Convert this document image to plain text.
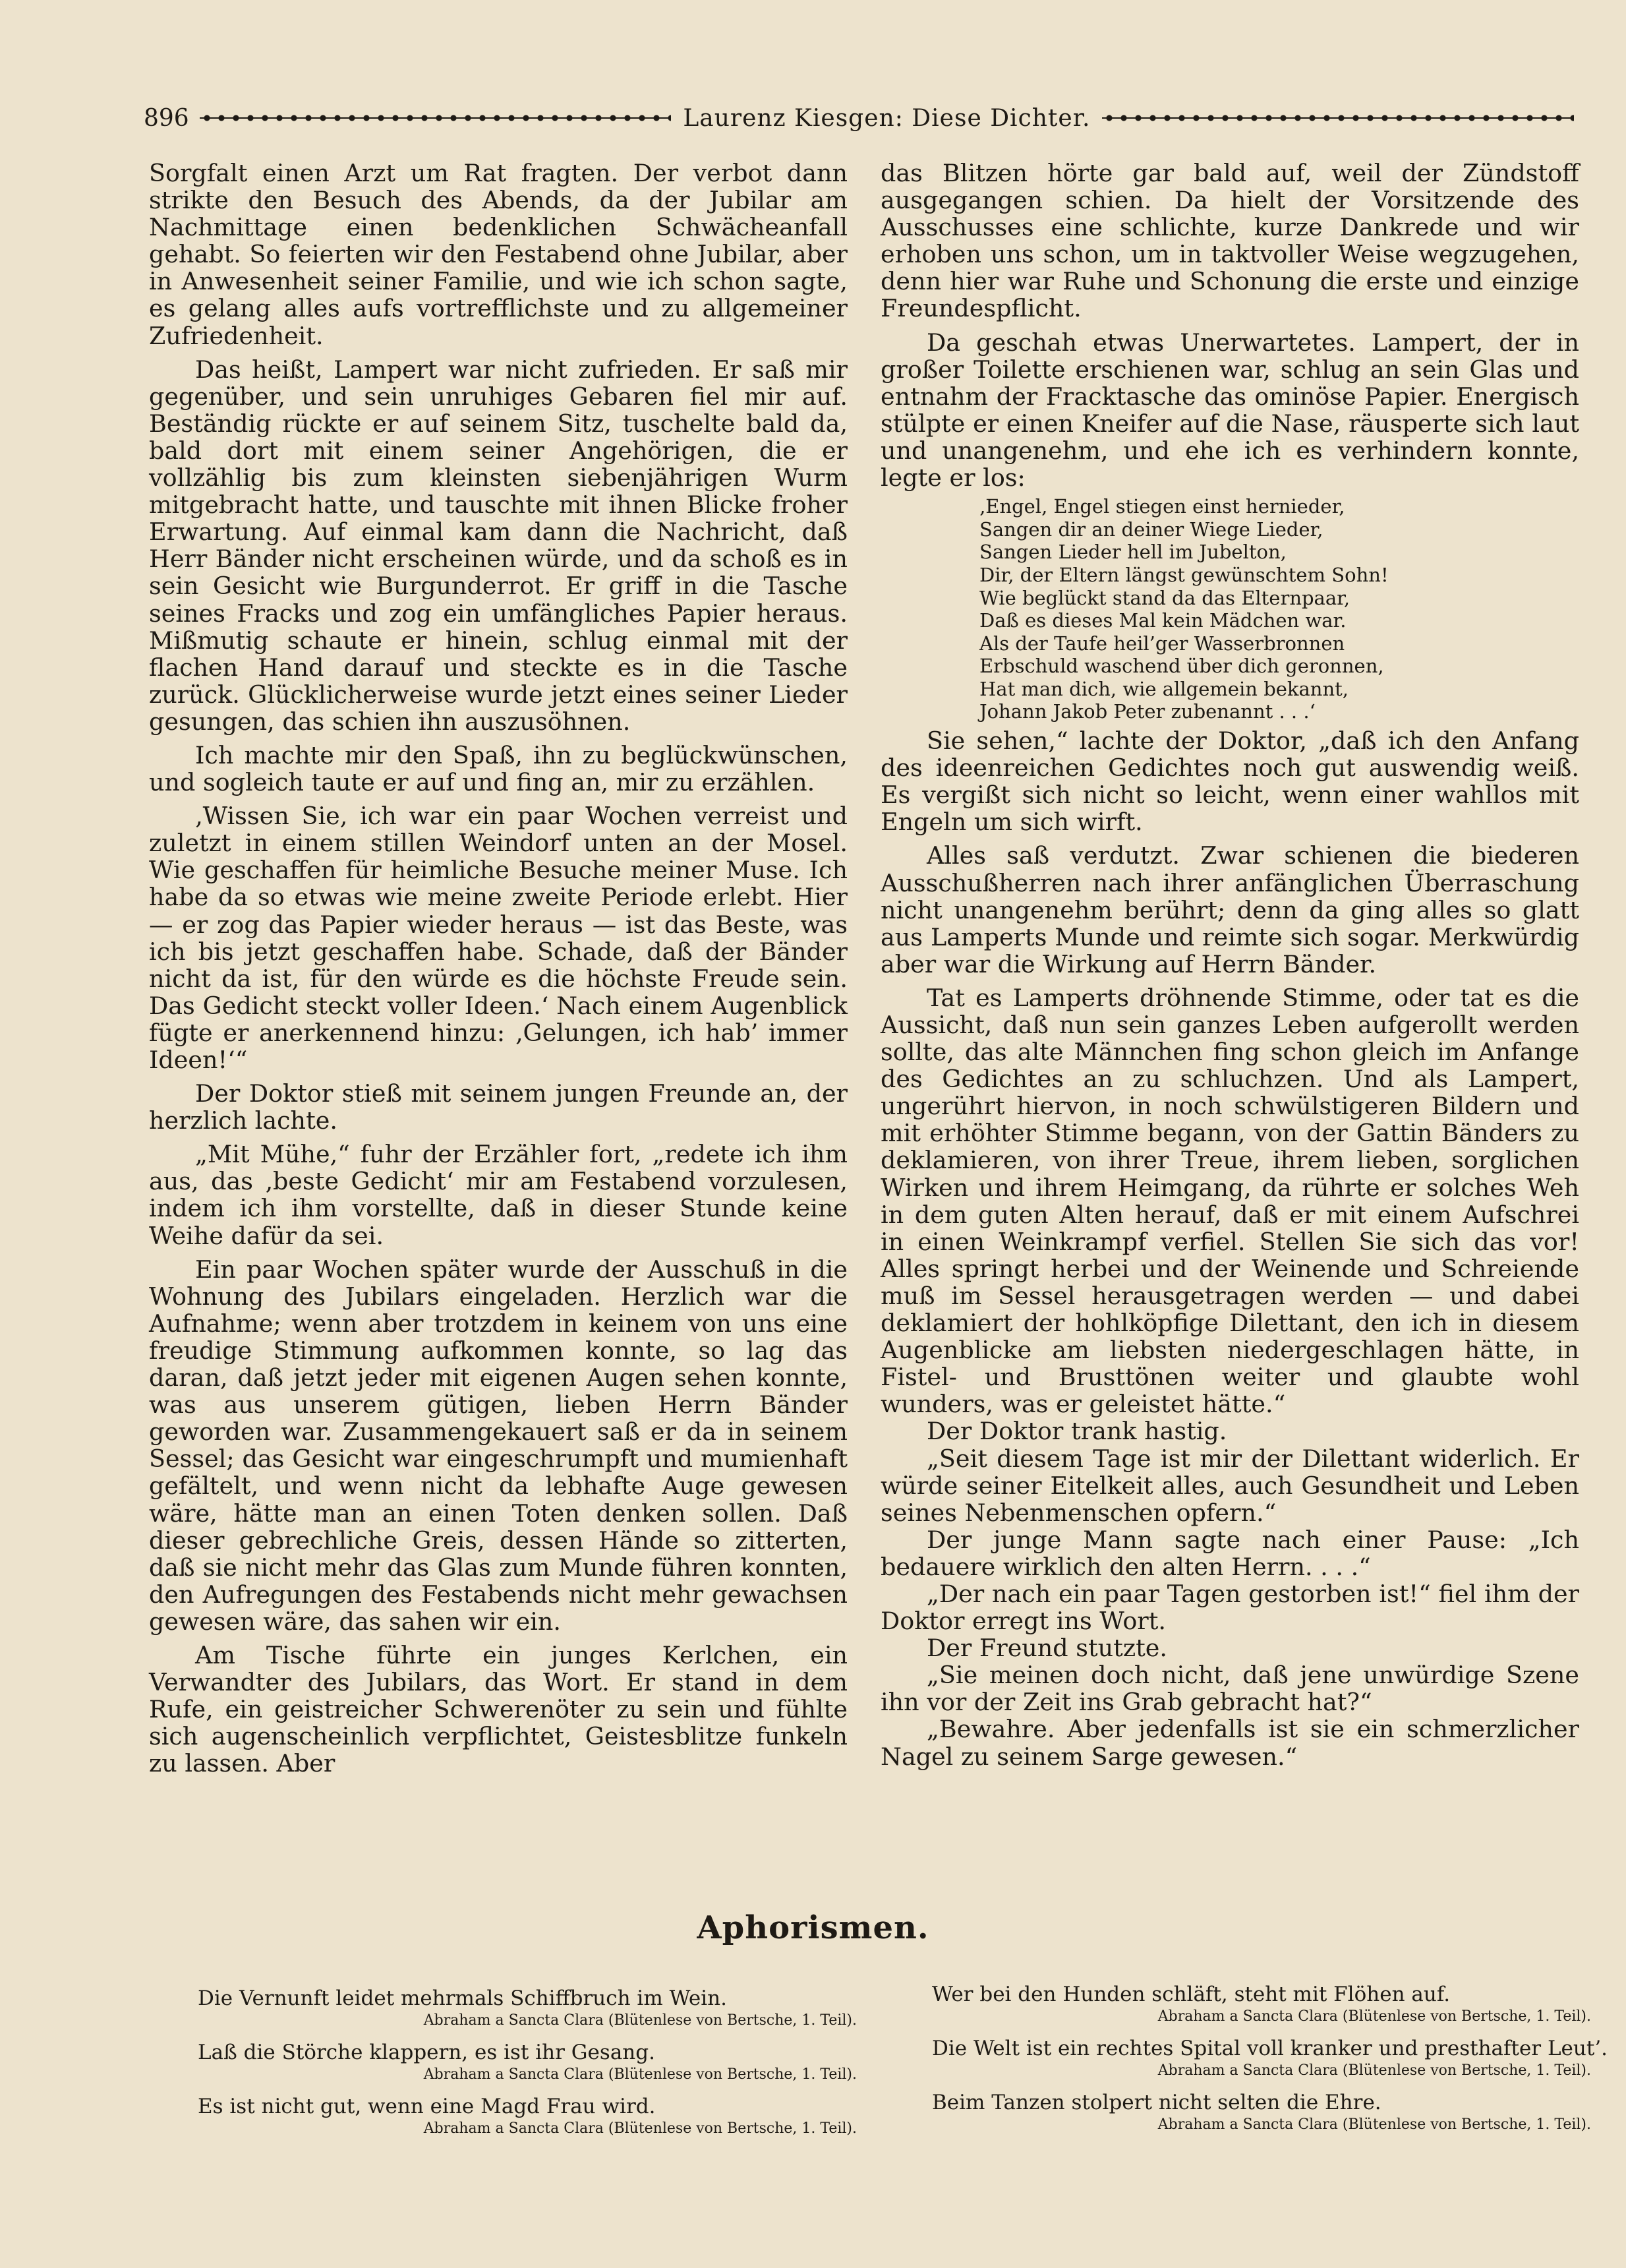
896	Laurenz Kiesgen: Diese Dichter.

Sorgfalt einen Arzt um Rat fragten. Der verbot dann strikte den Besuch des Abends, da der Jubilar am Nachmittage einen bedenklichen Schwächeanfall gehabt. So feierten wir den Festabend ohne Jubilar, aber in Anwesenheit seiner Familie, und wie ich schon sagte, es gelang alles aufs vortrefflichste und zu allgemeiner Zufriedenheit.

Das heißt, Lampert war nicht zufrieden. Er saß mir gegenüber, und sein unruhiges Gebaren fiel mir auf. Beständig rückte er auf seinem Sitz, tuschelte bald da, bald dort mit einem seiner Angehörigen, die er vollzählig bis zum kleinsten siebenjährigen Wurm mitgebracht hatte, und tauschte mit ihnen Blicke froher Erwartung. Auf einmal kam dann die Nachricht, daß Herr Bänder nicht erscheinen würde, und da schoß es in sein Gesicht wie Burgunderrot. Er griff in die Tasche seines Fracks und zog ein umfängliches Papier heraus. Mißmutig schaute er hinein, schlug einmal mit der flachen Hand darauf und steckte es in die Tasche zurück. Glücklicherweise wurde jetzt eines seiner Lieder gesungen, das schien ihn auszusöhnen.

Ich machte mir den Spaß, ihn zu beglückwünschen, und sogleich taute er auf und fing an, mir zu erzählen.

‚Wissen Sie, ich war ein paar Wochen verreist und zuletzt in einem stillen Weindorf unten an der Mosel. Wie geschaffen für heimliche Besuche meiner Muse. Ich habe da so etwas wie meine zweite Periode erlebt. Hier — er zog das Papier wieder heraus — ist das Beste, was ich bis jetzt geschaffen habe. Schade, daß der Bänder nicht da ist, für den würde es die höchste Freude sein. Das Gedicht steckt voller Ideen.‘ Nach einem Augenblick fügte er anerkennend hinzu: ‚Gelungen, ich hab’ immer Ideen!‘“

Der Doktor stieß mit seinem jungen Freunde an, der herzlich lachte.

„Mit Mühe,“ fuhr der Erzähler fort, „redete ich ihm aus, das ‚beste Gedicht‘ mir am Festabend vorzulesen, indem ich ihm vorstellte, daß in dieser Stunde keine Weihe dafür da sei.

Ein paar Wochen später wurde der Ausschuß in die Wohnung des Jubilars eingeladen. Herzlich war die Aufnahme; wenn aber trotzdem in keinem von uns eine freudige Stimmung aufkommen konnte, so lag das daran, daß jetzt jeder mit eigenen Augen sehen konnte, was aus unserem gütigen, lieben Herrn Bänder geworden war. Zusammengekauert saß er da in seinem Sessel; das Gesicht war eingeschrumpft und mumienhaft gefältelt, und wenn nicht da lebhafte Auge gewesen wäre, hätte man an einen Toten denken sollen. Daß dieser gebrechliche Greis, dessen Hände so zitterten, daß sie nicht mehr das Glas zum Munde führen konnten, den Aufregungen des Festabends nicht mehr gewachsen gewesen wäre, das sahen wir ein.

Am Tische führte ein junges Kerlchen, ein Verwandter des Jubilars, das Wort. Er stand in dem Rufe, ein geistreicher Schwerenöter zu sein und fühlte sich augenscheinlich verpflichtet, Geistesblitze funkeln zu lassen. Aber

das Blitzen hörte gar bald auf, weil der Zündstoff ausgegangen schien. Da hielt der Vorsitzende des Ausschusses eine schlichte, kurze Dankrede und wir erhoben uns schon, um in taktvoller Weise wegzugehen, denn hier war Ruhe und Schonung die erste und einzige Freundespflicht.

Da geschah etwas Unerwartetes. Lampert, der in großer Toilette erschienen war, schlug an sein Glas und entnahm der Fracktasche das ominöse Papier. Energisch stülpte er einen Kneifer auf die Nase, räusperte sich laut und unangenehm, und ehe ich es verhindern konnte, legte er los:

‚Engel, Engel stiegen einst hernieder,
Sangen dir an deiner Wiege Lieder,
Sangen Lieder hell im Jubelton,
Dir, der Eltern längst gewünschtem Sohn!
Wie beglückt stand da das Elternpaar,
Daß es dieses Mal kein Mädchen war.
Als der Taufe heil’ger Wasserbronnen
Erbschuld waschend über dich geronnen,
Hat man dich, wie allgemein bekannt,
Johann Jakob Peter zubenannt . . .‘

Sie sehen,“ lachte der Doktor, „daß ich den Anfang des ideenreichen Gedichtes noch gut auswendig weiß. Es vergißt sich nicht so leicht, wenn einer wahllos mit Engeln um sich wirft.

Alles saß verdutzt. Zwar schienen die biederen Ausschußherren nach ihrer anfänglichen Überraschung nicht unangenehm berührt; denn da ging alles so glatt aus Lamperts Munde und reimte sich sogar. Merkwürdig aber war die Wirkung auf Herrn Bänder.

Tat es Lamperts dröhnende Stimme, oder tat es die Aussicht, daß nun sein ganzes Leben aufgerollt werden sollte, das alte Männchen fing schon gleich im Anfange des Gedichtes an zu schluchzen. Und als Lampert, ungerührt hiervon, in noch schwülstigeren Bildern und mit erhöhter Stimme begann, von der Gattin Bänders zu deklamieren, von ihrer Treue, ihrem lieben, sorglichen Wirken und ihrem Heimgang, da rührte er solches Weh in dem guten Alten herauf, daß er mit einem Aufschrei in einen Weinkrampf verfiel. Stellen Sie sich das vor! Alles springt herbei und der Weinende und Schreiende muß im Sessel herausgetragen werden — und dabei deklamiert der hohlköpfige Dilettant, den ich in diesem Augenblicke am liebsten niedergeschlagen hätte, in Fistel- und Brusttönen weiter und glaubte wohl wunders, was er geleistet hätte.“

Der Doktor trank hastig.

„Seit diesem Tage ist mir der Dilettant widerlich. Er würde seiner Eitelkeit alles, auch Gesundheit und Leben seines Nebenmenschen opfern.“

Der junge Mann sagte nach einer Pause: „Ich bedauere wirklich den alten Herrn. . . .“

„Der nach ein paar Tagen gestorben ist!“ fiel ihm der Doktor erregt ins Wort.

Der Freund stutzte.

„Sie meinen doch nicht, daß jene unwürdige Szene ihn vor der Zeit ins Grab gebracht hat?“

„Bewahre. Aber jedenfalls ist sie ein schmerzlicher Nagel zu seinem Sarge gewesen.“

Aphorismen.
Die Vernunft leidet mehrmals Schiffbruch im Wein.
Abraham a Sancta Clara (Blütenlese von Bertsche, 1. Teil).
Laß die Störche klappern, es ist ihr Gesang.
Abraham a Sancta Clara (Blütenlese von Bertsche, 1. Teil).
Es ist nicht gut, wenn eine Magd Frau wird.
Abraham a Sancta Clara (Blütenlese von Bertsche, 1. Teil).
Wer bei den Hunden schläft, steht mit Flöhen auf.
Abraham a Sancta Clara (Blütenlese von Bertsche, 1. Teil).
Die Welt ist ein rechtes Spital voll kranker und presthafter Leut’.
Abraham a Sancta Clara (Blütenlese von Bertsche, 1. Teil).
Beim Tanzen stolpert nicht selten die Ehre.
Abraham a Sancta Clara (Blütenlese von Bertsche, 1. Teil).
